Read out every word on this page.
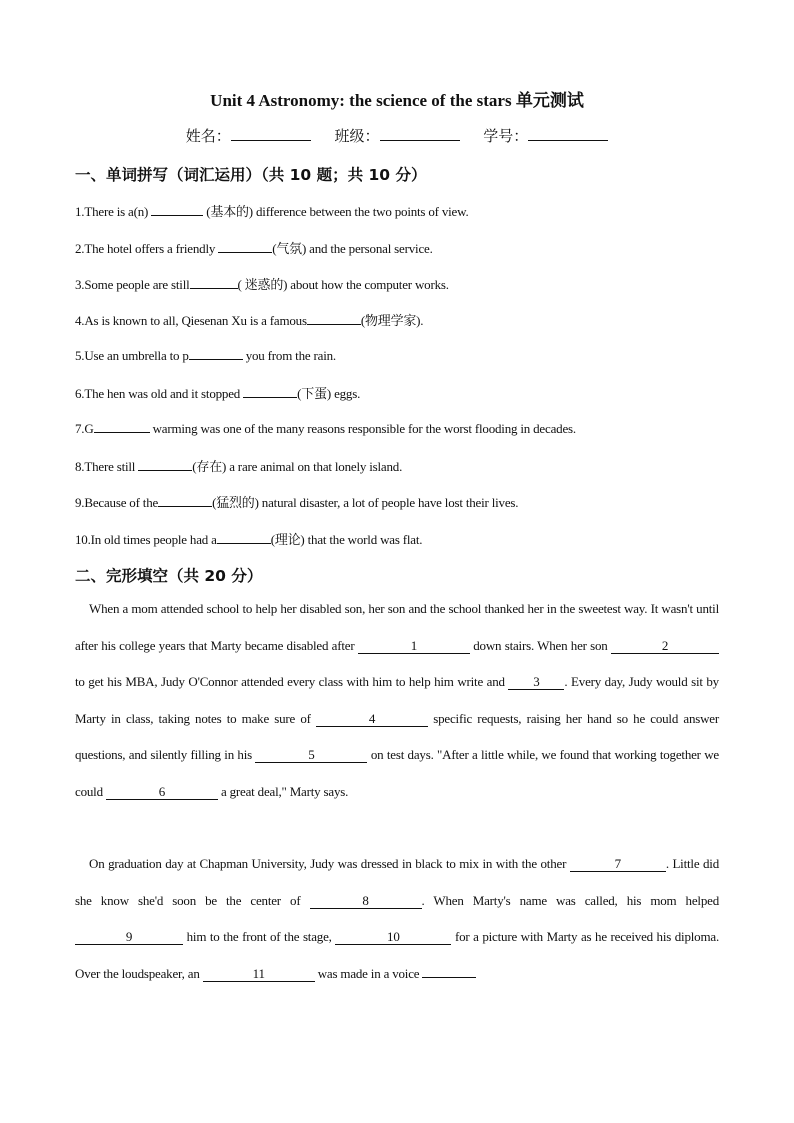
Unit 4 Astronomy: the science of the stars 单元测试
姓名：	班级：	学号：
一、单词拼写（词汇运用）（共 10 题；共 10 分）
1.There is a(n)	(基本的) difference between the two points of view.
2.The hotel offers a friendly	(气氛) and the personal service.
3.Some people are still	( 迷惑的) about how the computer works.
4.As is known to all, Qiesenan Xu is a famous	(物理学家).
5.Use an umbrella to p	you from the rain.
6.The hen was old and it stopped	(下蛋) eggs.
7.G	warming was one of the many reasons responsible for the worst flooding in decades.
8.There still	(存在) a rare animal on that lonely island.
9.Because of the	(猛烈的) natural disaster, a lot of people have lost their lives.
10.In old times people had a	(理论) that the world was flat.
二、完形填空（共 20 分）
When a mom attended school to help her disabled son, her son and the school thanked her in the sweetest way. It wasn't until after his college years that Marty became disabled after	1	down stairs. When her son	2 to get his MBA, Judy O'Connor attended every class with him to help him write and 3 . Every day, Judy would sit by Marty in class, taking notes to make sure of	4	specific requests, raising her hand so he could answer questions, and silently filling in his	5	on test days. "After a little while, we found that working together we could	6	a great deal," Marty says.
On graduation day at Chapman University, Judy was dressed in black to mix in with the other	7	. Little did she know she'd soon be the center of	8	. When Marty's name was called, his mom helped 9	him to the front of the stage,	10	for a picture with Marty as he received his diploma. Over the loudspeaker, an	11	was made in a voice
